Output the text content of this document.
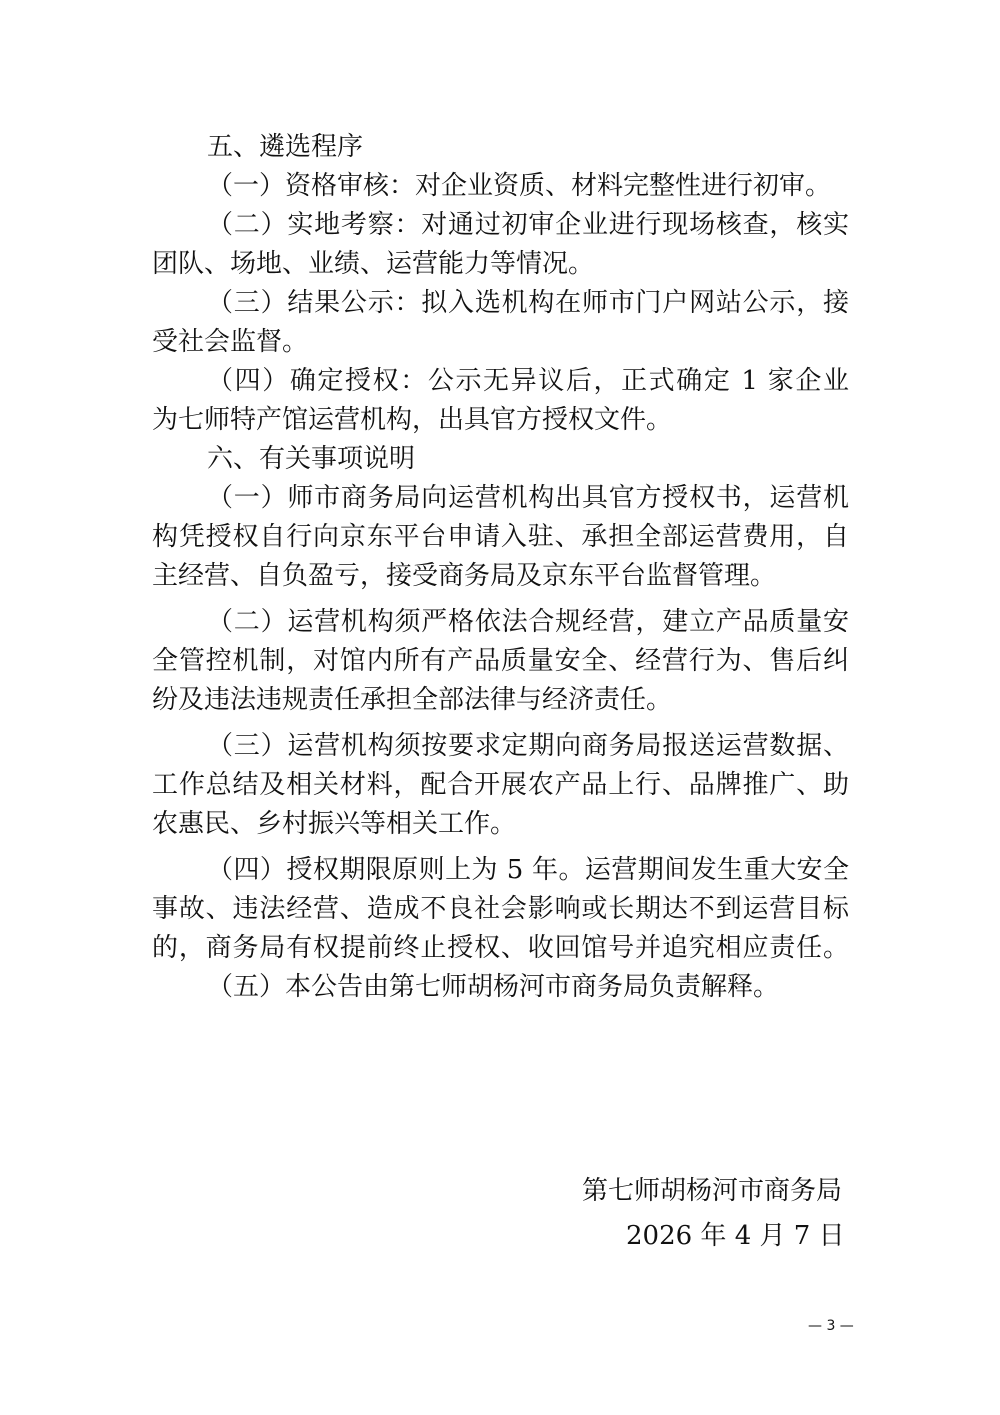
五、遴选程序
（一）资格审核：对企业资质、材料完整性进行初审。
（二）实地考察：对通过初审企业进行现场核查，核实
团队、场地、业绩、运营能力等情况。
（三）结果公示：拟入选机构在师市门户网站公示，接
受社会监督。
（四）确定授权：公示无异议后，正式确定 1 家企业
为七师特产馆运营机构，出具官方授权文件。
六、有关事项说明
（一）师市商务局向运营机构出具官方授权书，运营机
构凭授权自行向京东平台申请入驻、承担全部运营费用，自
主经营、自负盈亏，接受商务局及京东平台监督管理。
（二）运营机构须严格依法合规经营，建立产品质量安
全管控机制，对馆内所有产品质量安全、经营行为、售后纠
纷及违法违规责任承担全部法律与经济责任。
（三）运营机构须按要求定期向商务局报送运营数据、
工作总结及相关材料，配合开展农产品上行、品牌推广、助
农惠民、乡村振兴等相关工作。
（四）授权期限原则上为 5 年。运营期间发生重大安全
事故、违法经营、造成不良社会影响或长期达不到运营目标
的，商务局有权提前终止授权、收回馆号并追究相应责任。
（五）本公告由第七师胡杨河市商务局负责解释。
第七师胡杨河市商务局
2026 年 4 月 7 日
— 3 —
